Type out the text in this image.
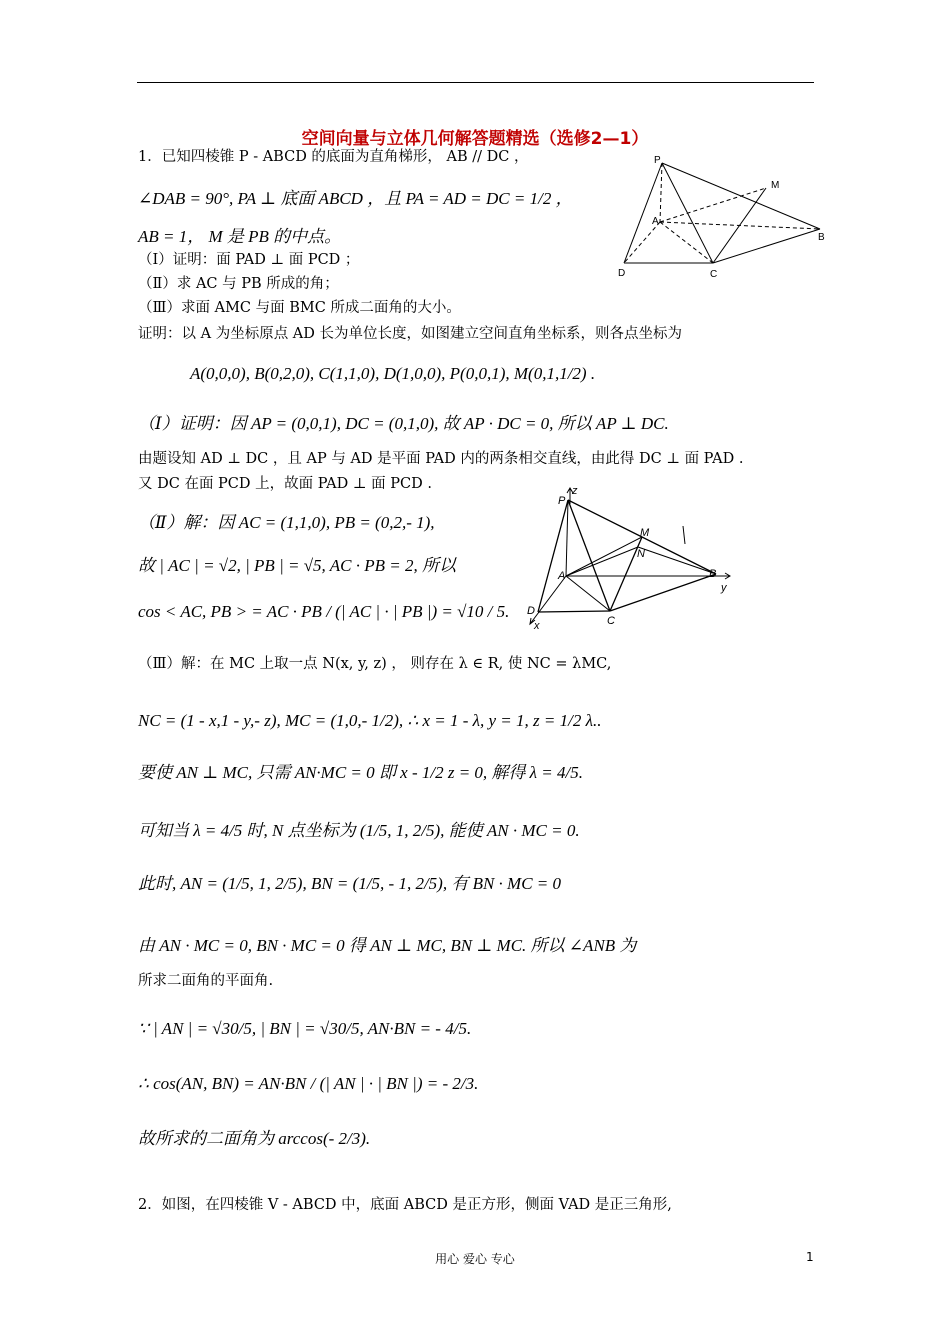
空间向量与立体几何解答题精选（选修2—1）
P
M
A
B
D	C
P
z
M
N
A	B
y
D
x	C
1．已知四棱锥 P - ABCD 的底面为直角梯形， AB // DC ，
∠DAB = 90°, PA ⊥ 底面 ABCD ，且 PA = AD = DC = 1/2 ，
AB = 1， M 是 PB 的中点。
（Ⅰ）证明：面 PAD ⊥ 面 PCD ；
（Ⅱ）求 AC 与 PB 所成的角；
（Ⅲ）求面 AMC 与面 BMC 所成二面角的大小。
证明：以 A 为坐标原点 AD 长为单位长度，如图建立空间直角坐标系，则各点坐标为
A(0,0,0), B(0,2,0), C(1,1,0), D(1,0,0), P(0,0,1), M(0,1,1/2) .
（Ⅰ）证明：因 AP = (0,0,1), DC = (0,1,0), 故 AP · DC = 0, 所以 AP ⊥ DC.
由题设知 AD ⊥ DC ，且 AP 与 AD 是平面 PAD 内的两条相交直线，由此得 DC ⊥ 面 PAD .
又 DC 在面 PCD 上，故面 PAD ⊥ 面 PCD .
（Ⅱ）解：因 AC = (1,1,0), PB = (0,2,- 1),
故 | AC | = √2, | PB | = √5, AC · PB = 2, 所以
cos < AC, PB > = AC · PB / (| AC | · | PB |) = √10 / 5.
（Ⅲ）解：在 MC 上取一点 N(x, y, z) ， 则存在 λ ∈ R, 使 NC = λMC,
NC = (1 - x,1 - y,- z), MC = (1,0,- 1/2), ∴ x = 1 - λ, y = 1, z = 1/2 λ..
要使 AN ⊥ MC, 只需 AN·MC = 0 即 x - 1/2 z = 0, 解得 λ = 4/5.
可知当 λ = 4/5 时, N 点坐标为 (1/5, 1, 2/5), 能使 AN · MC = 0.
此时, AN = (1/5, 1, 2/5), BN = (1/5, - 1, 2/5), 有 BN · MC = 0
由 AN · MC = 0, BN · MC = 0 得 AN ⊥ MC, BN ⊥ MC. 所以 ∠ANB 为
所求二面角的平面角.
∵ | AN | = √30/5, | BN | = √30/5, AN·BN = - 4/5.
∴ cos(AN, BN) = AN·BN / (| AN | · | BN |) = - 2/3.
故所求的二面角为 arccos(- 2/3).
2．如图，在四棱锥 V - ABCD 中，底面 ABCD 是正方形，侧面 VAD 是正三角形,
用心 爱心 专心	1
